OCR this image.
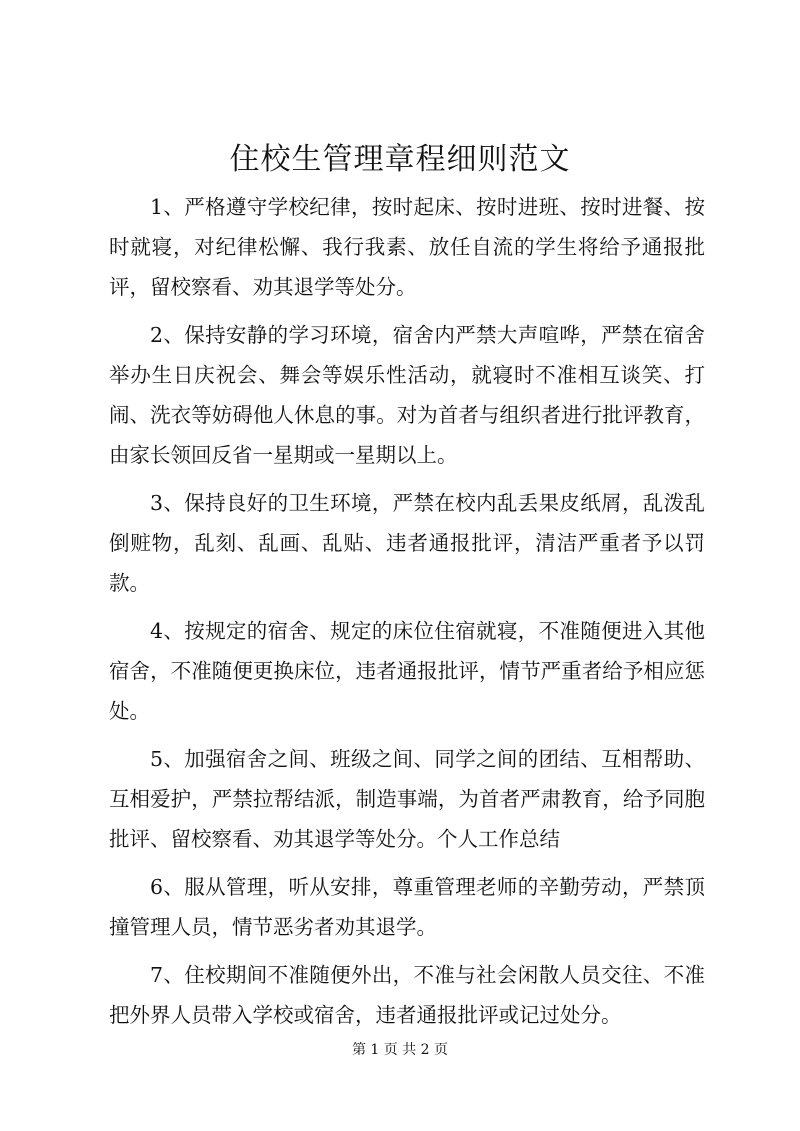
住校生管理章程细则范文

1、严格遵守学校纪律，按时起床、按时进班、按时进餐、按时就寝，对纪律松懈、我行我素、放任自流的学生将给予通报批评，留校察看、劝其退学等处分。

2、保持安静的学习环境，宿舍内严禁大声喧哗，严禁在宿舍举办生日庆祝会、舞会等娱乐性活动，就寝时不准相互谈笑、打闹、洗衣等妨碍他人休息的事。对为首者与组织者进行批评教育，由家长领回反省一星期或一星期以上。

3、保持良好的卫生环境，严禁在校内乱丢果皮纸屑，乱泼乱倒赃物，乱刻、乱画、乱贴、违者通报批评，清洁严重者予以罚款。

4、按规定的宿舍、规定的床位住宿就寝，不准随便进入其他宿舍，不准随便更换床位，违者通报批评，情节严重者给予相应惩处。

5、加强宿舍之间、班级之间、同学之间的团结、互相帮助、互相爱护，严禁拉帮结派，制造事端，为首者严肃教育，给予同胞批评、留校察看、劝其退学等处分。个人工作总结

6、服从管理，听从安排，尊重管理老师的辛勤劳动，严禁顶撞管理人员，情节恶劣者劝其退学。

7、住校期间不准随便外出，不准与社会闲散人员交往、不准把外界人员带入学校或宿舍，违者通报批评或记过处分。

第 1 页 共 2 页
